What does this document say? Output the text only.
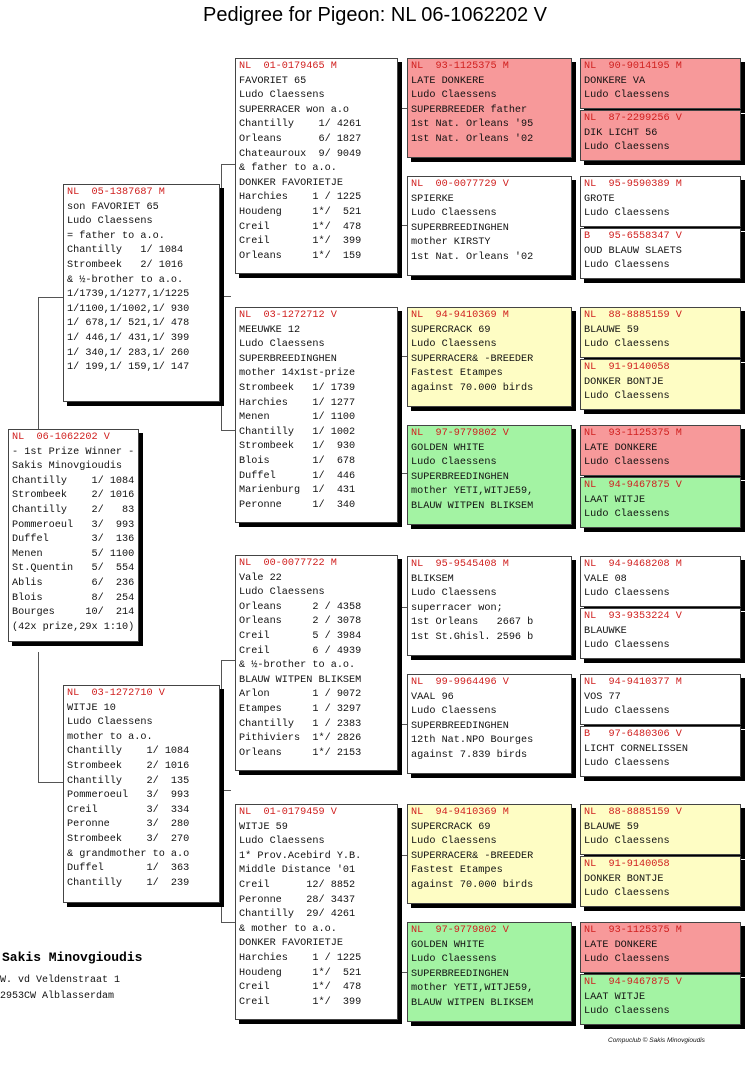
Pedigree for Pigeon: NL 06-1062202 V
NL  06-1062202 V
- 1st Prize Winner -
Sakis Minovgioudis
Chantilly    1/ 1084
Strombeek    2/ 1016
Chantilly    2/   83
Pommeroeul   3/  993
Duffel       3/  136
Menen        5/ 1100
St.Quentin   5/  554
Ablis        6/  236
Blois        8/  254
Bourges     10/  214
(42x prize,29x 1:10)
NL  05-1387687 M
son FAVORIET 65
Ludo Claessens
= father to a.o.
Chantilly   1/ 1084
Strombeek   2/ 1016
& ½-brother to a.o.
1/1739,1/1277,1/1225
1/1100,1/1002,1/ 930
1/ 678,1/ 521,1/ 478
1/ 446,1/ 431,1/ 399
1/ 340,1/ 283,1/ 260
1/ 199,1/ 159,1/ 147
NL  03-1272710 V
WITJE 10
Ludo Claessens
mother to a.o.
Chantilly    1/ 1084
Strombeek    2/ 1016
Chantilly    2/  135
Pommeroeul   3/  993
Creil        3/  334
Peronne      3/  280
Strombeek    3/  270
& grandmother to a.o
Duffel       1/  363
Chantilly    1/  239
NL  01-0179465 M
FAVORIET 65
Ludo Claessens
SUPERRACER won a.o
Chantilly    1/ 4261
Orleans      6/ 1827
Chateauroux  9/ 9049
& father to a.o.
DONKER FAVORIETJE
Harchies    1 / 1225
Houdeng     1*/  521
Creil       1*/  478
Creil       1*/  399
Orleans     1*/  159
NL  03-1272712 V
MEEUWKE 12
Ludo Claessens
SUPERBREEDINGHEN
mother 14x1st-prize
Strombeek   1/ 1739
Harchies    1/ 1277
Menen       1/ 1100
Chantilly   1/ 1002
Strombeek   1/  930
Blois       1/  678
Duffel      1/  446
Marienburg  1/  431
Peronne     1/  340
NL  00-0077722 M
Vale 22
Ludo Claessens
Orleans     2 / 4358
Orleans     2 / 3078
Creil       5 / 3984
Creil       6 / 4939
& ½-brother to a.o.
BLAUW WITPEN BLIKSEM
Arlon       1 / 9072
Etampes     1 / 3297
Chantilly   1 / 2383
Pithiviers  1*/ 2826
Orleans     1*/ 2153
NL  01-0179459 V
WITJE 59
Ludo Claessens
1* Prov.Acebird Y.B.
Middle Distance '01
Creil      12/ 8852
Peronne    28/ 3437
Chantilly  29/ 4261
& mother to a.o.
DONKER FAVORIETJE
Harchies    1 / 1225
Houdeng     1*/  521
Creil       1*/  478
Creil       1*/  399
NL  93-1125375 M
LATE DONKERE
Ludo Claessens
SUPERBREEDER father
1st Nat. Orleans '95
1st Nat. Orleans '02
NL  00-0077729 V
SPIERKE
Ludo Claessens
SUPERBREEDINGHEN
mother KIRSTY
1st Nat. Orleans '02
NL  94-9410369 M
SUPERCRACK 69
Ludo Claessens
SUPERRACER& -BREEDER
Fastest Etampes
against 70.000 birds
NL  97-9779802 V
GOLDEN WHITE
Ludo Claessens
SUPERBREEDINGHEN
mother YETI,WITJE59,
BLAUW WITPEN BLIKSEM
NL  95-9545408 M
BLIKSEM
Ludo Claessens
superracer won;
1st Orleans   2667 b
1st St.Ghisl. 2596 b
NL  99-9964496 V
VAAL 96
Ludo Claessens
SUPERBREEDINGHEN
12th Nat.NPO Bourges
against 7.839 birds
NL  94-9410369 M
SUPERCRACK 69
Ludo Claessens
SUPERRACER& -BREEDER
Fastest Etampes
against 70.000 birds
NL  97-9779802 V
GOLDEN WHITE
Ludo Claessens
SUPERBREEDINGHEN
mother YETI,WITJE59,
BLAUW WITPEN BLIKSEM
NL  90-9014195 M
DONKERE VA
Ludo Claessens
NL  87-2299256 V
DIK LICHT 56
Ludo Claessens
NL  95-9590389 M
GROTE
Ludo Claessens
B   95-6558347 V
OUD BLAUW SLAETS
Ludo Claessens
NL  88-8885159 V
BLAUWE 59
Ludo Claessens
NL  91-9140058
DONKER BONTJE
Ludo Claessens
NL  93-1125375 M
LATE DONKERE
Ludo Claessens
NL  94-9467875 V
LAAT WITJE
Ludo Claessens
NL  94-9468208 M
VALE 08
Ludo Claessens
NL  93-9353224 V
BLAUWKE
Ludo Claessens
NL  94-9410377 M
VOS 77
Ludo Claessens
B   97-6480306 V
LICHT CORNELISSEN
Ludo Claessens
NL  88-8885159 V
BLAUWE 59
Ludo Claessens
NL  91-9140058
DONKER BONTJE
Ludo Claessens
NL  93-1125375 M
LATE DONKERE
Ludo Claessens
NL  94-9467875 V
LAAT WITJE
Ludo Claessens
Sakis Minovgioudis
W. vd Veldenstraat 1
2953CW Alblasserdam
Compuclub © Sakis Minovgioudis
